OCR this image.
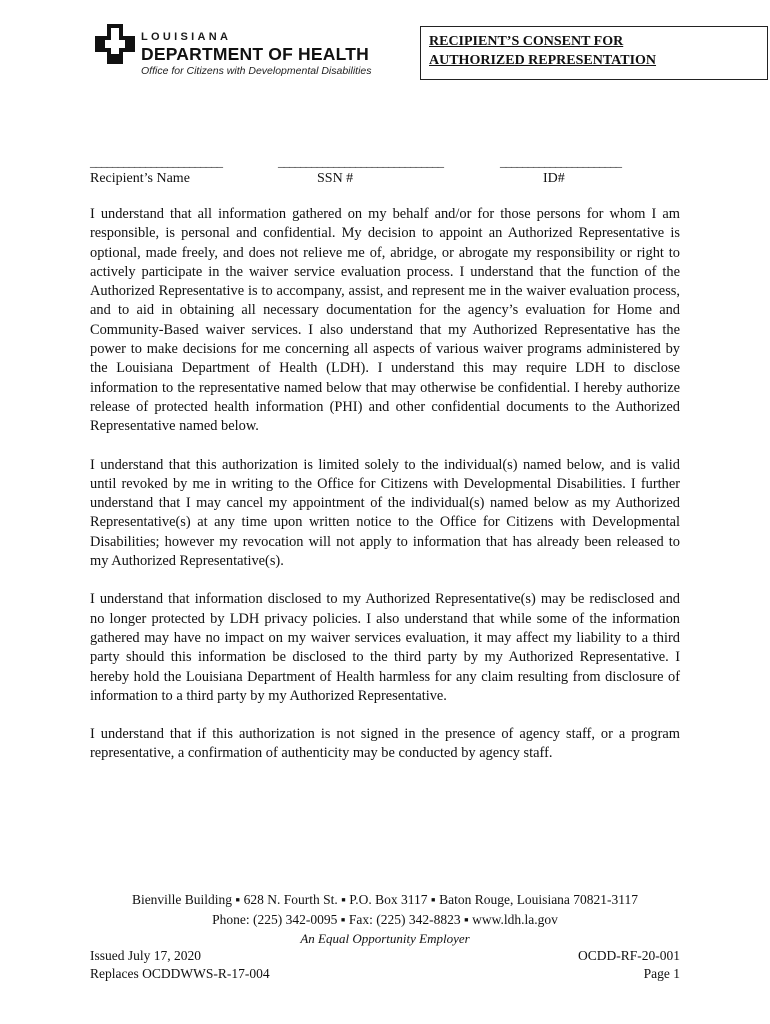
LOUISIANA
DEPARTMENT OF HEALTH
Office for Citizens with Developmental Disabilities
RECIPIENT’S CONSENT FOR
AUTHORIZED REPRESENTATION
________________________	______________________________	______________________
Recipient’s Name	SSN #	ID#

I understand that all information gathered on my behalf and/or for those persons for whom I am responsible, is personal and confidential. My decision to appoint an Authorized Representative is optional, made freely, and does not relieve me of, abridge, or abrogate my responsibility or right to actively participate in the waiver service evaluation process. I understand that the function of the Authorized Representative is to accompany, assist, and represent me in the waiver evaluation process, and to aid in obtaining all necessary documentation for the agency’s evaluation for Home and Community-Based waiver services. I also understand that my Authorized Representative has the power to make decisions for me concerning all aspects of various waiver programs administered by the Louisiana Department of Health (LDH). I understand this may require LDH to disclose information to the representative named below that may otherwise be confidential. I hereby authorize release of protected health information (PHI) and other confidential documents to the Authorized Representative named below.

I understand that this authorization is limited solely to the individual(s) named below, and is valid until revoked by me in writing to the Office for Citizens with Developmental Disabilities. I further understand that I may cancel my appointment of the individual(s) named below as my Authorized Representative(s) at any time upon written notice to the Office for Citizens with Developmental Disabilities; however my revocation will not apply to information that has already been released to my Authorized Representative(s).

I understand that information disclosed to my Authorized Representative(s) may be redisclosed and no longer protected by LDH privacy policies. I also understand that while some of the information gathered may have no impact on my waiver services evaluation, it may affect my liability to a third party should this information be disclosed to the third party by my Authorized Representative. I hereby hold the Louisiana Department of Health harmless for any claim resulting from disclosure of information to a third party by my Authorized Representative.

I understand that if this authorization is not signed in the presence of agency staff, or a program representative, a confirmation of authenticity may be conducted by agency staff.

Bienville Building ▪ 628 N. Fourth St. ▪ P.O. Box 3117 ▪ Baton Rouge, Louisiana 70821-3117
Phone: (225) 342-0095 ▪ Fax: (225) 342-8823 ▪ www.ldh.la.gov
An Equal Opportunity Employer
Issued July 17, 2020
Replaces OCDDWWS-R-17-004
OCDD-RF-20-001
Page 1
